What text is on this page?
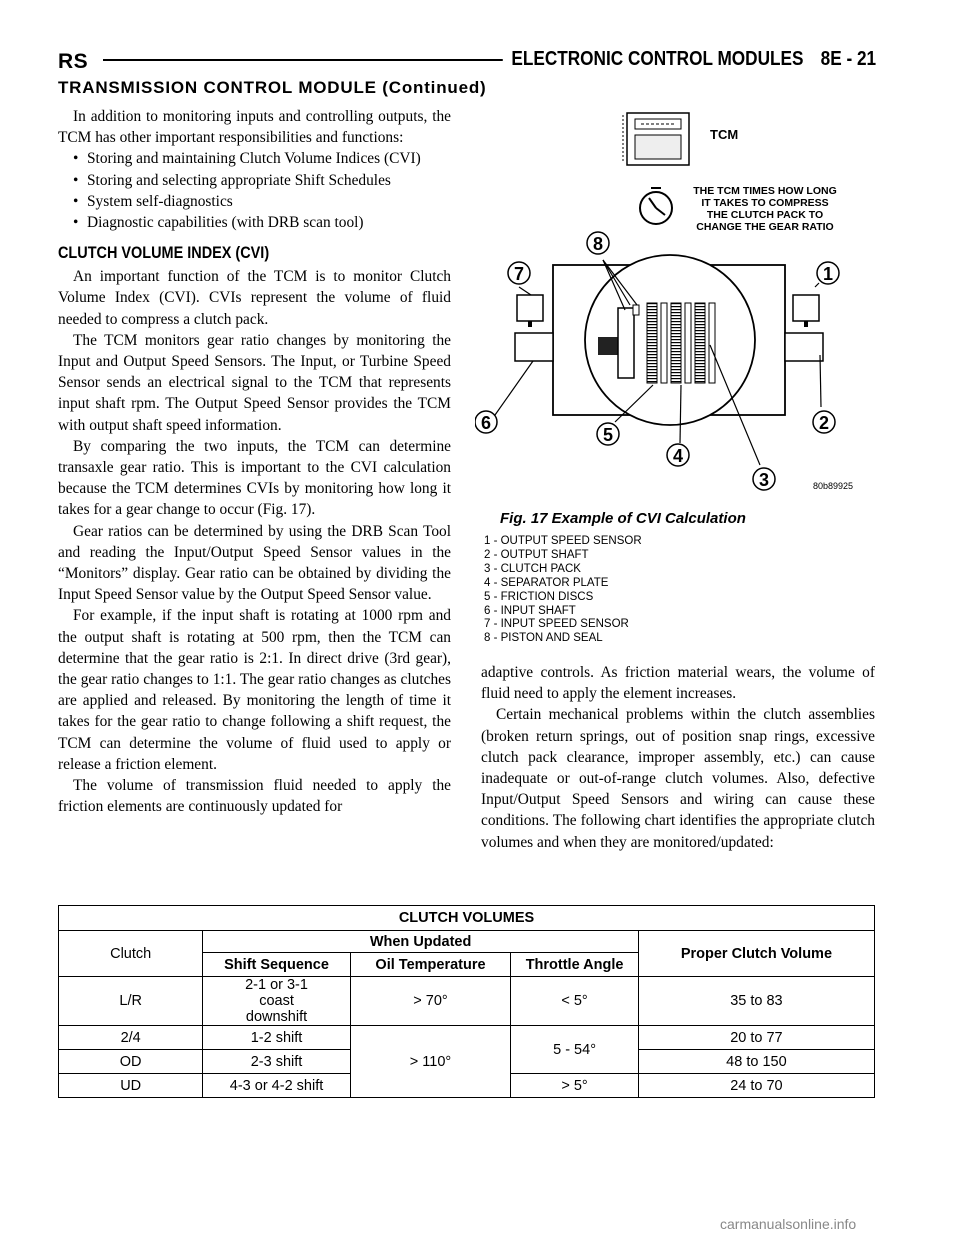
RS	ELECTRONIC CONTROL MODULES 8E - 21
TRANSMISSION CONTROL MODULE (Continued)

In addition to monitoring inputs and controlling outputs, the TCM has other important responsibilities and functions:

• Storing and maintaining Clutch Volume Indices (CVI)

• Storing and selecting appropriate Shift Schedules

• System self-diagnostics

• Diagnostic capabilities (with DRB scan tool)

CLUTCH VOLUME INDEX (CVI)

An important function of the TCM is to monitor Clutch Volume Index (CVI). CVIs represent the volume of fluid needed to compress a clutch pack.

The TCM monitors gear ratio changes by monitoring the Input and Output Speed Sensors. The Input, or Turbine Speed Sensor sends an electrical signal to the TCM that represents input shaft rpm. The Output Speed Sensor provides the TCM with output shaft speed information.

By comparing the two inputs, the TCM can determine transaxle gear ratio. This is important to the CVI calculation because the TCM determines CVIs by monitoring how long it takes for a gear change to occur (Fig. 17).

Gear ratios can be determined by using the DRB Scan Tool and reading the Input/Output Speed Sensor values in the “Monitors” display. Gear ratio can be obtained by dividing the Input Speed Sensor value by the Output Speed Sensor value.

For example, if the input shaft is rotating at 1000 rpm and the output shaft is rotating at 500 rpm, then the TCM can determine that the gear ratio is 2:1. In direct drive (3rd gear), the gear ratio changes to 1:1. The gear ratio changes as clutches are applied and released. By monitoring the length of time it takes for the gear ratio to change following a shift request, the TCM can determine the volume of fluid used to apply or release a friction element.

The volume of transmission fluid needed to apply the friction elements are continuously updated for

TCM
THE TCM TIMES HOW LONG
IT TAKES TO COMPRESS
THE CLUTCH PACK TO
CHANGE THE GEAR RATIO
1
2
3
4
5
6
7
8
80b89925
Fig. 17 Example of CVI Calculation
1 - OUTPUT SPEED SENSOR
2 - OUTPUT SHAFT
3 - CLUTCH PACK
4 - SEPARATOR PLATE
5 - FRICTION DISCS
6 - INPUT SHAFT
7 - INPUT SPEED SENSOR
8 - PISTON AND SEAL

adaptive controls. As friction material wears, the volume of fluid need to apply the element increases.

Certain mechanical problems within the clutch assemblies (broken return springs, out of position snap rings, excessive clutch pack clearance, improper assembly, etc.) can cause inadequate or out-of-range clutch volumes. Also, defective Input/Output Speed Sensors and wiring can cause these conditions. The following chart identifies the appropriate clutch volumes and when they are monitored/updated:

CLUTCH VOLUMES				
Clutch	When Updated			Proper Clutch Volume
	Shift Sequence	Oil Temperature	Throttle Angle	
L/R	2-1 or 3-1 coast downshift	> 70°	< 5°	35 to 83
2/4	1-2 shift	> 110°	5 - 54°	20 to 77
OD	2-3 shift			48 to 150
UD	4-3 or 4-2 shift		> 5°	24 to 70
carmanualsonline.info
